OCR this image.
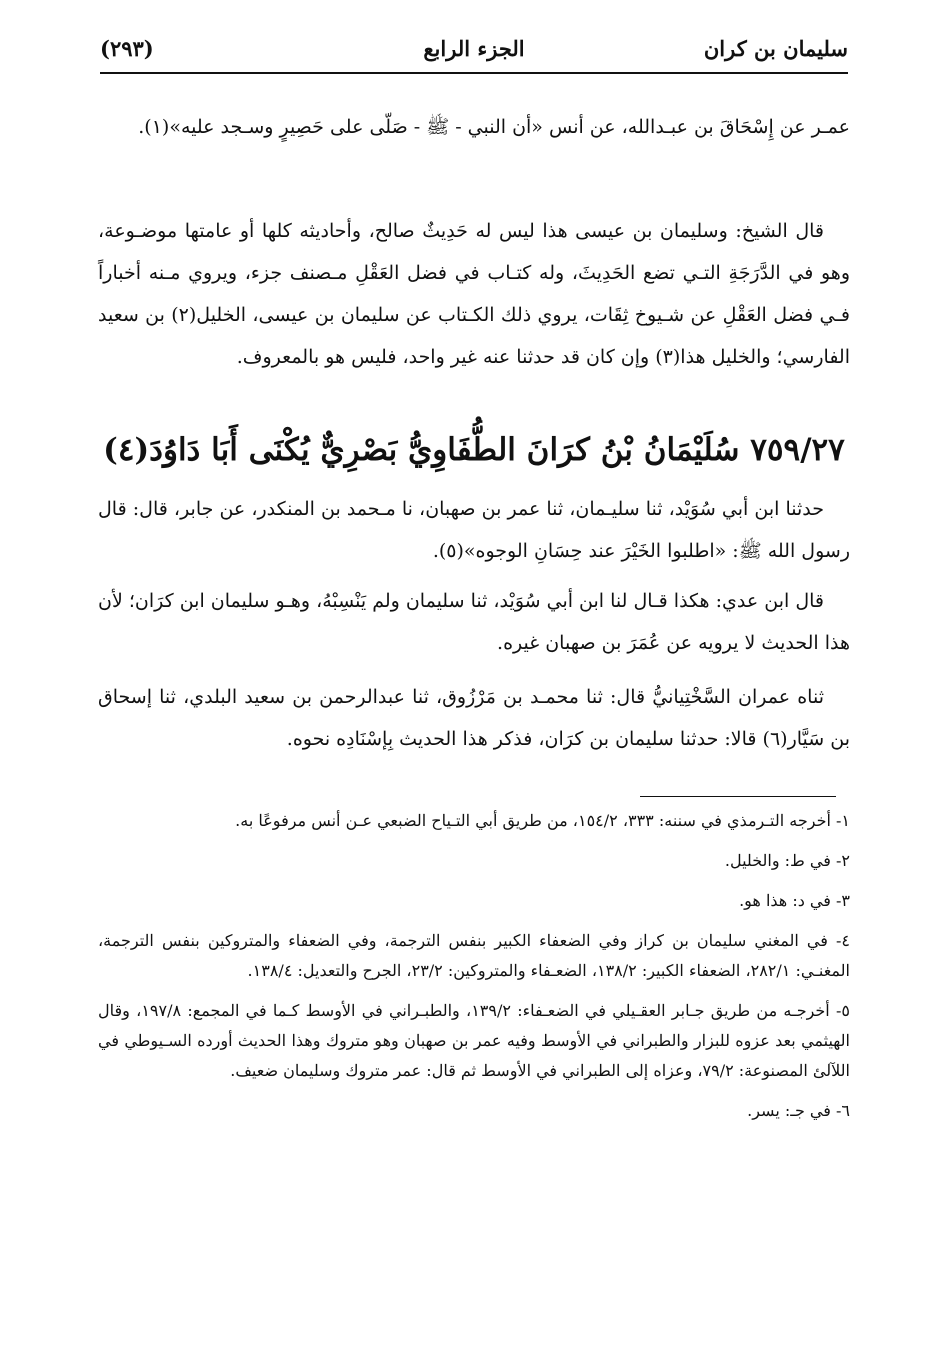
سليمان بن كران
الجزء الرابع
(٢٩٣)

عمـر عن إِسْحَاقَ بن عبـدالله، عن أنس «أن النبي - ﷺ - صَلّى على حَصِيرٍ وسـجد عليه»(١).

قال الشيخ: وسليمان بن عيسى هذا ليس له حَدِيثٌ صالح، وأحاديثه كلها أو عامتها موضـوعة، وهو في الدَّرَجَةِ التـي تضع الحَدِيثَ، وله كتـاب في فضل العَقْلِ مـصنف جزء، ويروي مـنه أخباراً فـي فضل العَقْلِ عن شـيوخ ثِقَات، يروي ذلك الكـتاب عن سليمان بن عيسى، الخليل(٢) بن سعيد الفارسي؛ والخليل هذا(٣) وإن كان قد حدثنا عنه غير واحد، فليس هو بالمعروف.

٧٥٩/٢٧ سُلَيْمَانُ بْنُ كرَانَ الطُّفَاوِيُّ بَصْرِيٌّ يُكْنَى أَبَا دَاوُدَ(٤)

حدثنا ابن أبي سُوَيْد، ثنا سليـمان، ثنا عمر بن صهبان، نا مـحمد بن المنكدر، عن جابر، قال: قال رسول الله ﷺ: «اطلبوا الخَيْرَ عند حِسَانِ الوجوه»(٥).

قال ابن عدي: هكذا قـال لنا ابن أبي سُوَيْد، ثنا سليمان ولم يَنْسِبْهُ، وهـو سليمان ابن كرَان؛ لأن هذا الحديث لا يرويه عن عُمَرَ بن صهبان غيره.

ثناه عمران السَّخْتِيانيُّ قال: ثنا محمـد بن مَرْزُوق، ثنا عبدالرحمن بن سعيد البلدي، ثنا إسحاق بن سَيَّار(٦) قالا: حدثنا سليمان بن كرَان، فذكر هذا الحديث بِإسْنَادِه نحوه.

١- أخرجه التـرمذي في سننه: ٣٣٣، ١٥٤/٢، من طريق أبي التـياح الضبعي عـن أنس مرفوعًا به.
٢- في ط: والخليل.
٣- في د: هذا هو.
٤- في المغني سليمان بن كراز وفي الضعفاء الكبير بنفس الترجمة، وفي الضعفاء والمتروكين بنفس الترجمة، المغنـي: ٢٨٢/١، الضعفاء الكبير: ١٣٨/٢، الضعـفاء والمتروكين: ٢٣/٢، الجرح والتعديل: ١٣٨/٤.
٥- أخرجـه من طريق جـابر العقـيلي في الضعـفاء: ١٣٩/٢، والطبـراني في الأوسط كـما في المجمع: ١٩٧/٨، وقال الهيثمي بعد عزوه للبزار والطبراني في الأوسط وفيه عمر بن صهبان وهو متروك وهذا الحديث أورده السـيوطي في اللآلئ المصنوعة: ٧٩/٢، وعزاه إلى الطبراني في الأوسط ثم قال: عمر متروك وسليمان ضعيف.
٦- في جـ: يسر.
